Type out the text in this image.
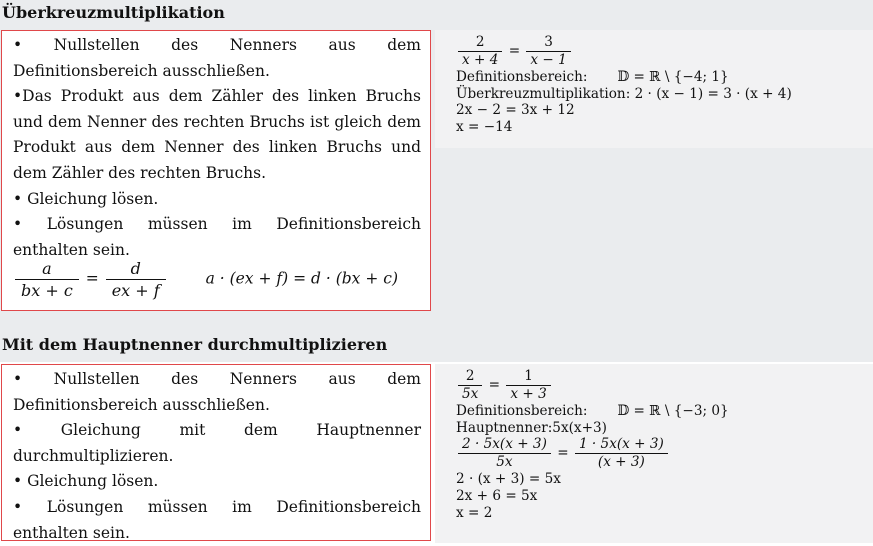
Überkreuzmultiplikation

• Nullstellen des Nenners aus dem Definitionsbereich ausschließen.

•Das Produkt aus dem Zähler des linken Bruchs und dem Nenner des rechten Bruchs ist gleich dem Produkt aus dem Nenner des linken Bruchs und dem Zähler des rechten Bruchs.

• Gleichung lösen.

• Lösungen müssen im Definitionsbereich enthalten sein.

$\frac{a}{bx + c} = \frac{d}{ex + f}$	a · (ex + f) = d · (bx + c)
$\frac{2}{x + 4} = \frac{3}{x - 1}$
Definitionsbereich: 𝔻 = ℝ \ {−4; 1}
Überkreuzmultiplikation: 2 · (x − 1) = 3 · (x + 4)
2x − 2 = 3x + 12
x = −14
Mit dem Hauptnenner durchmultiplizieren

• Nullstellen des Nenners aus dem Definitionsbereich ausschließen.

• Gleichung mit dem Hauptnenner durchmultiplizieren.

• Gleichung lösen.

• Lösungen müssen im Definitionsbereich enthalten sein.

$\frac{2}{5x} = \frac{1}{x + 3}$
Definitionsbereich: 𝔻 = ℝ \ {−3; 0}
Hauptnenner:5x(x+3)
$\frac{2 \cdot 5x(x + 3)}{5x} = \frac{1 \cdot 5x(x + 3)}{(x + 3)}$
2 · (x + 3) = 5x
2x + 6 = 5x
x = 2
